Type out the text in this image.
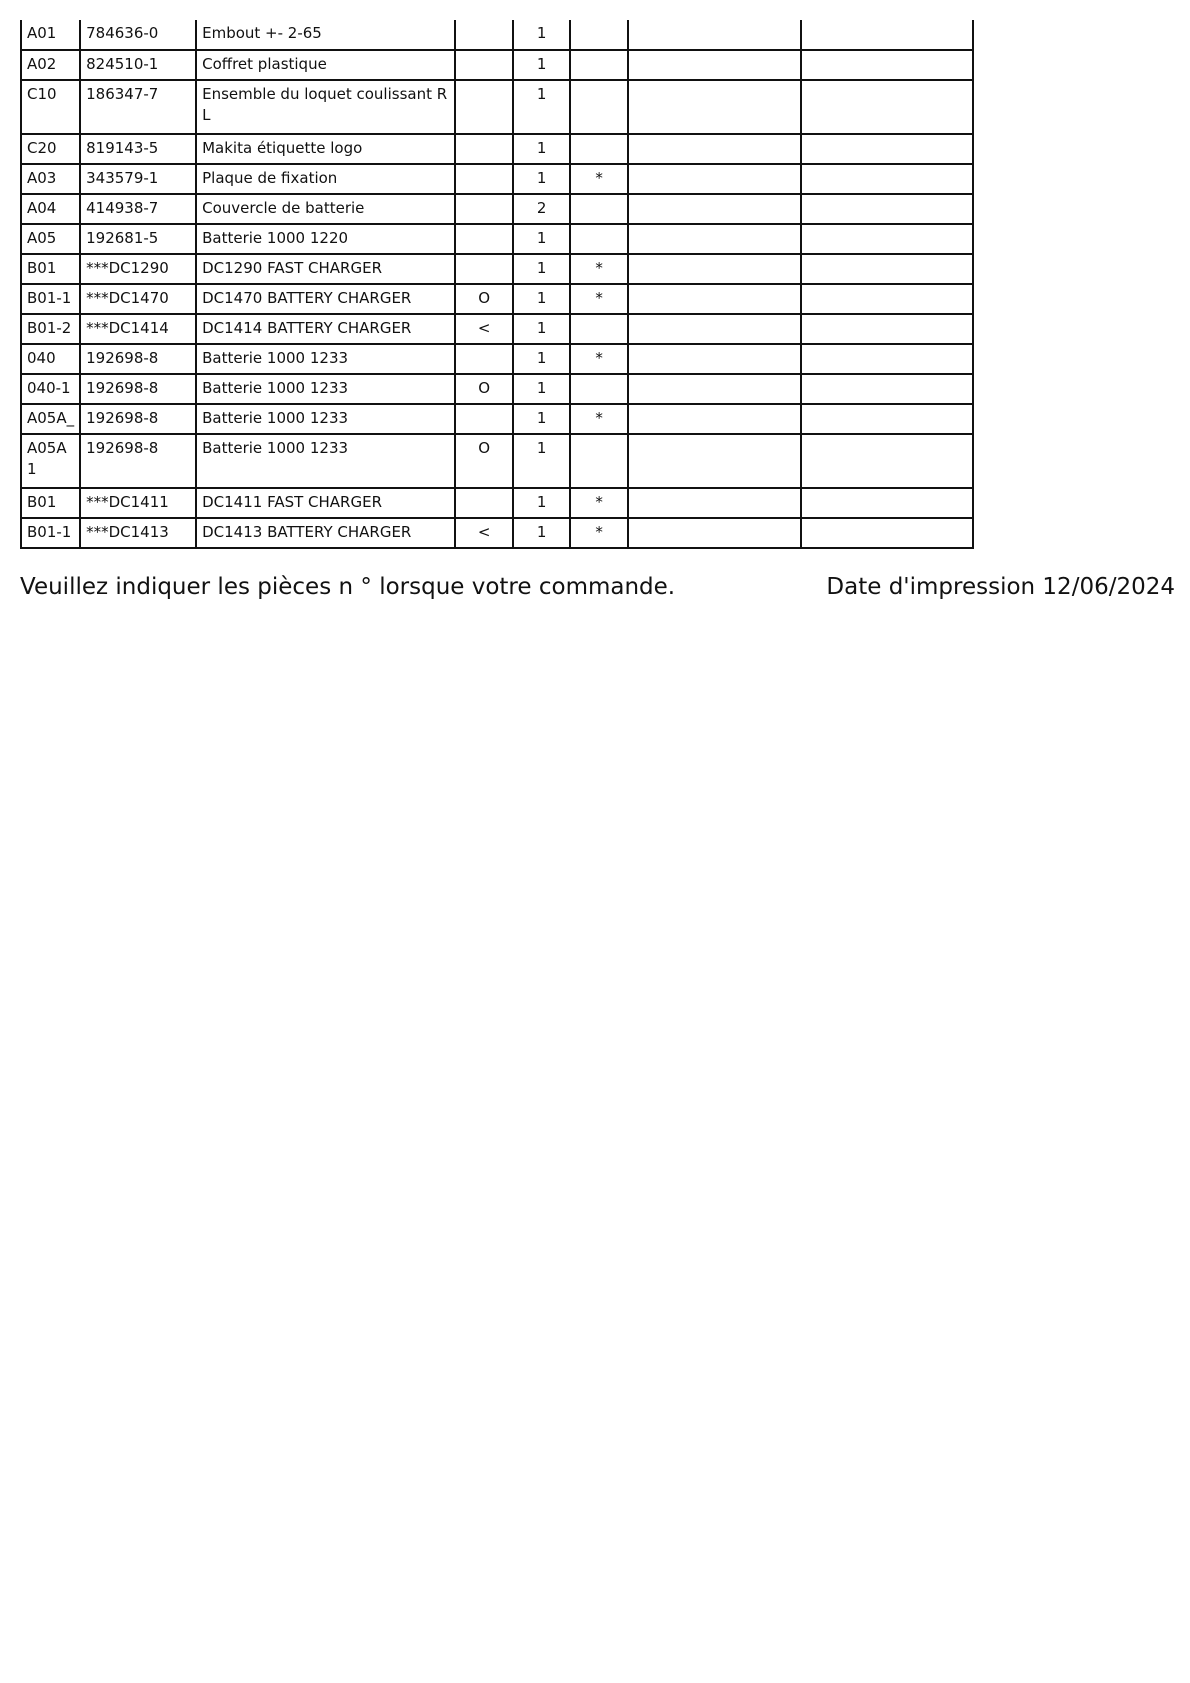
A01	784636-0	Embout +- 2-65		1			

A02	824510-1	Coffret plastique		1			

C10	186347-7	Ensemble du loquet coulissant R L		1			

C20	819143-5	Makita étiquette logo		1			

A03	343579-1	Plaque de fixation		1	*		

A04	414938-7	Couvercle de batterie		2			

A05	192681-5	Batterie 1000 1220		1			

B01	***DC1290	DC1290 FAST CHARGER		1	*		

B01-1	***DC1470	DC1470 BATTERY CHARGER	O	1	*		

B01-2	***DC1414	DC1414 BATTERY CHARGER	<	1			

040	192698-8	Batterie 1000 1233		1	*		

040-1	192698-8	Batterie 1000 1233	O	1			

A05A_	192698-8	Batterie 1000 1233		1	*		

A05A 1	192698-8	Batterie 1000 1233	O	1			

B01	***DC1411	DC1411 FAST CHARGER		1	*		

B01-1	***DC1413	DC1413 BATTERY CHARGER	<	1	*		

Veuillez indiquer les pièces n ° lorsque votre commande.	Date d'impression 12/06/2024
